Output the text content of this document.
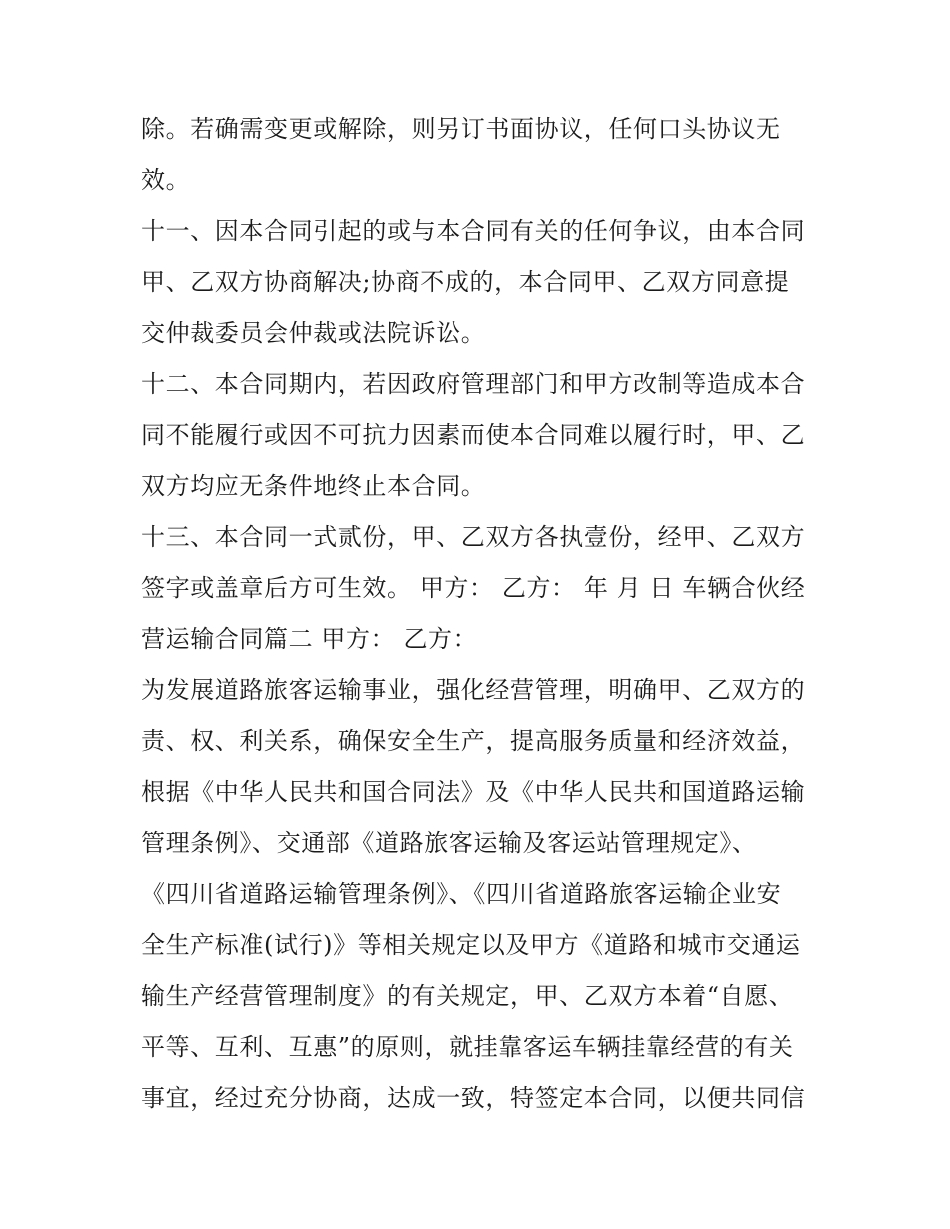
除。若确需变更或解除，则另订书面协议，任何口头协议无
效。
十一、因本合同引起的或与本合同有关的任何争议，由本合同
甲、乙双方协商解决;协商不成的，本合同甲、乙双方同意提
交仲裁委员会仲裁或法院诉讼。
十二、本合同期内，若因政府管理部门和甲方改制等造成本合
同不能履行或因不可抗力因素而使本合同难以履行时，甲、乙
双方均应无条件地终止本合同。
十三、本合同一式贰份，甲、乙双方各执壹份，经甲、乙双方
签字或盖章后方可生效。 甲方： 乙方： 年 月 日 车辆合伙经
营运输合同篇二 甲方： 乙方：
为发展道路旅客运输事业，强化经营管理，明确甲、乙双方的
责、权、利关系，确保安全生产，提高服务质量和经济效益，
根据《中华人民共和国合同法》及《中华人民共和国道路运输
管理条例》、交通部《道路旅客运输及客运站管理规定》、
《四川省道路运输管理条例》、《四川省道路旅客运输企业安
全生产标准(试行)》等相关规定以及甲方《道路和城市交通运
输生产经营管理制度》的有关规定，甲、乙双方本着“自愿、
平等、互利、互惠”的原则，就挂靠客运车辆挂靠经营的有关
事宜，经过充分协商，达成一致，特签定本合同，以便共同信
